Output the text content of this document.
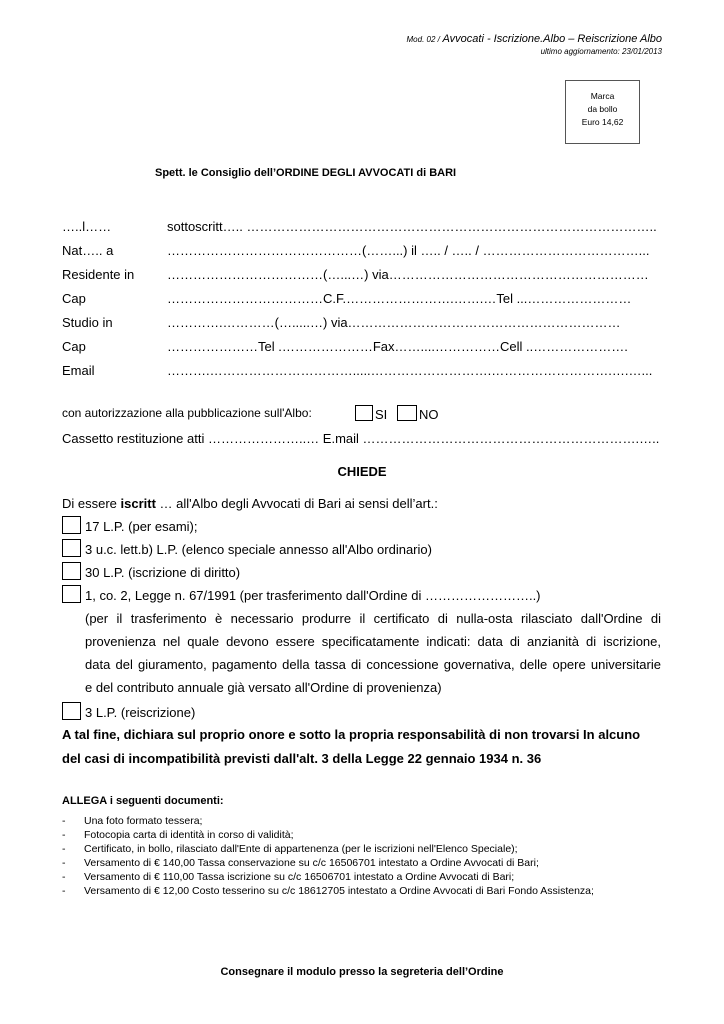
Mod. 02 / Avvocati - Iscrizione.Albo – Reiscrizione Albo
ultimo aggiornamento: 23/01/2013
Marca
da bollo
Euro 14,62
Spett. le Consiglio dell’ORDINE DEGLI AVVOCATI di BARI
…..l……	sottoscritt….. …………………………………………………………………………………..
Nat….. a	………………………………………(……...) il ….. / ….. / ………………………………...
Residente in	………………………………(…...…) via……………………………………………………
Cap	………………………………C.F.…………………….…….…Tel ...……………………
Studio in	………….…………(….....…) via………………………………………………………
Cap	…………………Tel .…………………Fax……....……………Cell ..………………….
Email	……….…………………………….....……………………….……………………….….…...
con autorizzazione alla pubblicazione sull'Albo:	SI NO
Cassetto restituzione atti …………………..… E.mail ……………………………………………………….…..
CHIEDE
Di essere iscritt … all'Albo degli Avvocati di Bari ai sensi dell’art.:
17 L.P. (per esami);
3 u.c. lett.b) L.P. (elenco speciale annesso all'Albo ordinario)
30 L.P. (iscrizione di diritto)
1, co. 2, Legge n. 67/1991 (per trasferimento dall'Ordine di ……………………..)
(per il trasferimento è necessario produrre il certificato di nulla-osta rilasciato dall'Ordine di
provenienza nel quale devono essere specificatamente indicati: data di anzianità di iscrizione,
data del giuramento, pagamento della tassa di concessione governativa, delle opere universitarie
e del contributo annuale già versato all'Ordine di provenienza)
3 L.P. (reiscrizione)
A tal fine, dichiara sul proprio onore e sotto la propria responsabilità di non trovarsi In alcuno
del casi di incompatibilità previsti dall'alt. 3 della Legge 22 gennaio 1934 n. 36
ALLEGA i seguenti documenti:
- Una foto formato tessera;
- Fotocopia carta di identità in corso di validità;
- Certificato, in bollo, rilasciato dall'Ente di appartenenza (per le iscrizioni nell'Elenco Speciale);
- Versamento di € 140,00 Tassa conservazione su c/c 16506701 intestato a Ordine Avvocati di Bari;
- Versamento di € 110,00 Tassa iscrizione su c/c 16506701 intestato a Ordine Avvocati di Bari;
- Versamento di € 12,00 Costo tesserino su c/c 18612705 intestato a Ordine Avvocati di Bari Fondo Assistenza;
Consegnare il modulo presso la segreteria dell’Ordine
